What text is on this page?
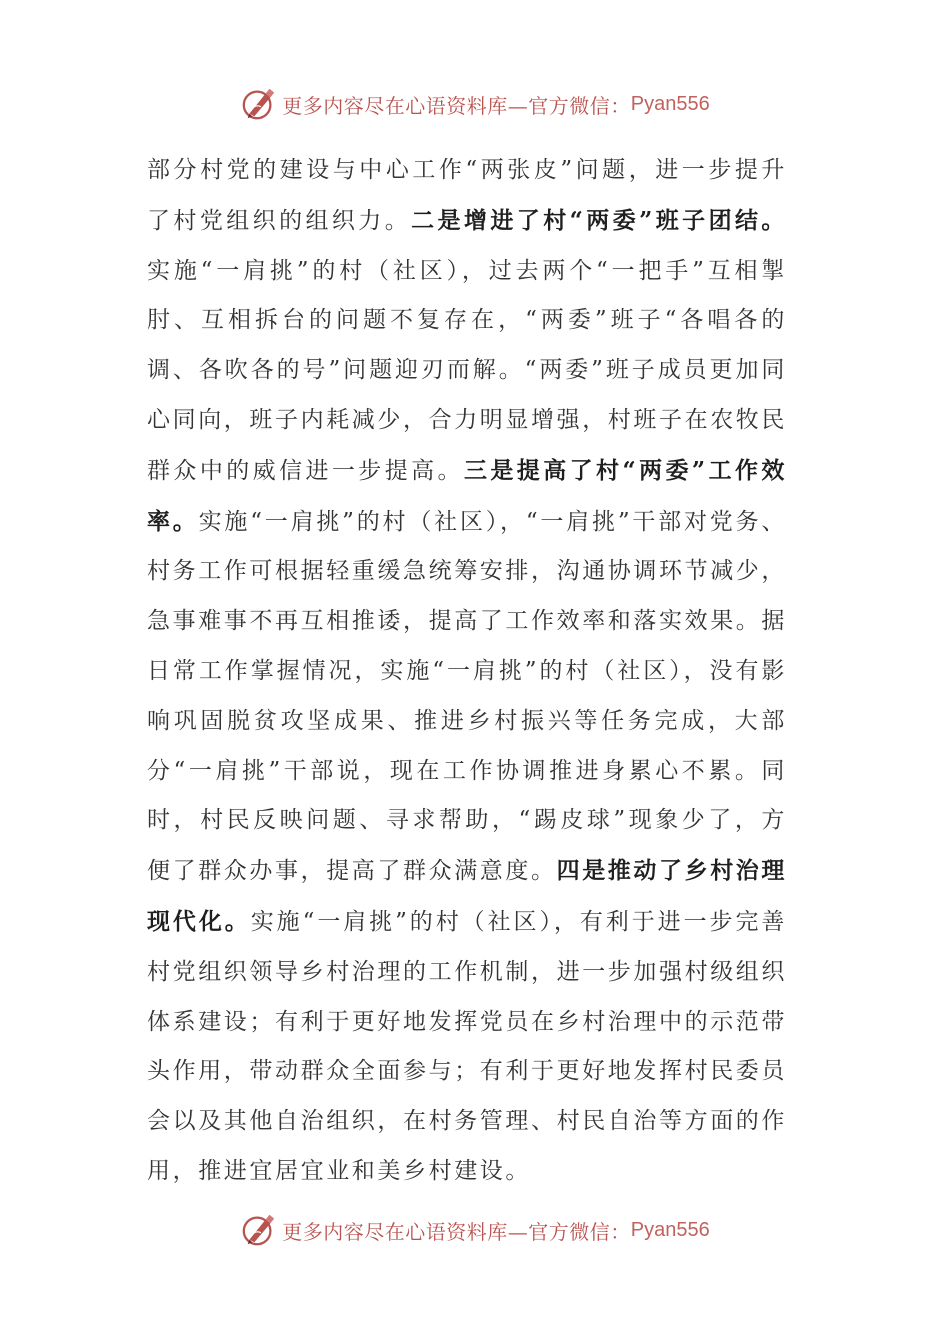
更多内容尽在心语资料库—官方微信： Pyan556

部分村党的建设与中心工作“两张皮”问题，进一步提升了村党组织的组织力。二是增进了村“两委”班子团结。实施“一肩挑”的村（社区），过去两个“一把手”互相掣肘、互相拆台的问题不复存在，“两委”班子“各唱各的调、各吹各的号”问题迎刃而解。“两委”班子成员更加同心同向，班子内耗减少，合力明显增强，村班子在农牧民群众中的威信进一步提高。三是提高了村“两委”工作效率。实施“一肩挑”的村（社区），“一肩挑”干部对党务、村务工作可根据轻重缓急统筹安排，沟通协调环节减少，急事难事不再互相推诿，提高了工作效率和落实效果。据日常工作掌握情况，实施“一肩挑”的村（社区），没有影响巩固脱贫攻坚成果、推进乡村振兴等任务完成，大部分“一肩挑”干部说，现在工作协调推进身累心不累。同时，村民反映问题、寻求帮助，“踢皮球”现象少了，方便了群众办事，提高了群众满意度。四是推动了乡村治理现代化。实施“一肩挑”的村（社区），有利于进一步完善村党组织领导乡村治理的工作机制，进一步加强村级组织体系建设；有利于更好地发挥党员在乡村治理中的示范带头作用，带动群众全面参与；有利于更好地发挥村民委员会以及其他自治组织，在村务管理、村民自治等方面的作用，推进宜居宜业和美乡村建设。

更多内容尽在心语资料库—官方微信： Pyan556
